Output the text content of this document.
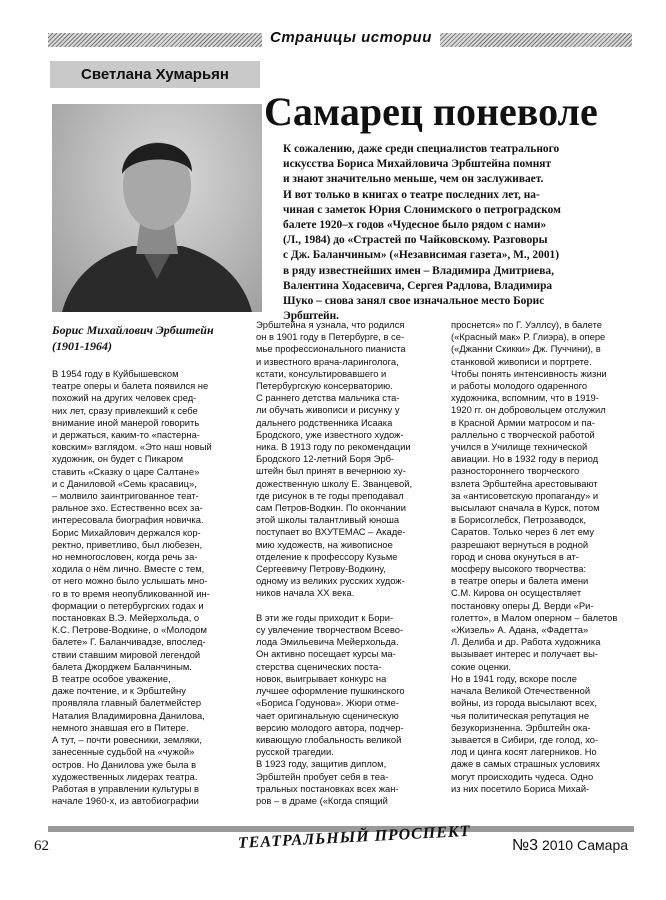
Страницы истории
Светлана Хумарьян
Самарец поневоле
Борис Михайлович Эрбштейн
(1901-1964)
К сожалению, даже среди специалистов театрального
искусства Бориса Михайловича Эрбштейна помнят
и знают значительно меньше, чем он заслуживает.
И вот только в книгах о театре последних лет, на-
чиная с заметок Юрия Слонимского о петроградском
балете 1920–х годов «Чудесное было рядом с нами»
(Л., 1984) до «Страстей по Чайковскому. Разговоры
с Дж. Баланчиным» («Независимая газета», М., 2001)
в ряду известнейших имен – Владимира Дмитриева,
Валентина Ходасевича, Сергея Радлова, Владимира
Шуко – снова занял свое изначальное место Борис
Эрбштейн.
В 1954 году в Куйбышевском
театре оперы и балета появился не
похожий на других человек сред-
них лет, сразу привлекший к себе
внимание иной манерой говорить
и держаться, каким-то «пастерна-
ковским» взглядом. «Это наш новый
художник, он будет с Пикаром
ставить «Сказку о царе Салтане»
и с Даниловой «Семь красавиц»,
– молвило заинтригованное теат-
ральное эхо. Естественно всех за-
интересовала биография новичка.
Борис Михайлович держался кор-
ректно, приветливо, был любезен,
но немногословен, когда речь за-
ходила о нём лично. Вместе с тем,
от него можно было услышать мно-
го в то время неопубликованной ин-
формации о петербургских годах и
постановках В.Э. Мейерхольда, о
К.С. Петрове-Водкине, о «Молодом
балете» Г. Баланчивадзе, впослед-
ствии ставшим мировой легендой
балета Джорджем Баланчиным.
В театре особое уважение,
даже почтение, и к Эрбштейну
проявляла главный балетмейстер
Наталия Владимировна Данилова,
немного знавшая его в Питере.
А тут, – почти ровесники, земляки,
занесенные судьбой на «чужой»
остров. Но Данилова уже была в
художественных лидерах театра.
Работая в управлении культуры в
начале 1960-х, из автобиографии
Эрбштейна я узнала, что родился
он в 1901 году в Петербурге, в се-
мье профессионального пианиста
и известного врача-ларинголога,
кстати, консультировавшего и
Петербургскую консерваторию.
С раннего детства мальчика ста-
ли обучать живописи и рисунку у
дальнего родственника Исаака
Бродского, уже известного худож-
ника. В 1913 году по рекомендации
Бродского 12-летний Боря Эрб-
штейн был принят в вечернюю ху-
дожественную школу Е. Званцевой,
где рисунок в те годы преподавал
сам Петров-Водкин. По окончании
этой школы талантливый юноша
поступает во ВХУТЕМАС – Акаде-
мию художеств, на живописное
отделение к профессору Кузьме
Сергеевичу Петрову-Водкину,
одному из великих русских худож-
ников начала XX века.

В эти же годы приходит к Бори-
су увлечение творчеством Всево-
лода Эмильевича Мейерхольда.
Он активно посещает курсы ма-
стерства сценических поста-
новок, выигрывает конкурс на
лучшее оформление пушкинского
«Бориса Годунова». Жюри отме-
чает оригинальную сценическую
версию молодого автора, подчер-
кивающую глобальность великой
русской трагедии.
В 1923 году, защитив диплом,
Эрбштейн пробует себя в теа-
тральных постановках всех жан-
ров – в драме («Когда спящий
проснется» по Г. Уэллсу), в балете
(«Красный мак» Р. Глиэра), в опере
(«Джанни Скикки» Дж. Пуччини), в
станковой живописи и портрете.
Чтобы понять интенсивность жизни
и работы молодого одаренного
художника, вспомним, что в 1919-
1920 гг. он добровольцем отслужил
в Красной Армии матросом и па-
раллельно с творческой работой
учился в Училище технической
авиации. Но в 1932 году в период
разностороннего творческого
взлета Эрбштейна арестовывают
за «антисоветскую пропаганду» и
высылают сначала в Курск, потом
в Борисоглебск, Петрозаводск,
Саратов. Только через 6 лет ему
разрешают вернуться в родной
город и снова окунуться в ат-
мосферу высокого творчества:
в театре оперы и балета имени
С.М. Кирова он осуществляет
постановку оперы Д. Верди «Ри-
голетто», в Малом оперном – балетов
«Жизель» А. Адана, «Фадетта»
Л. Делиба и др. Работа художника
вызывает интерес и получает вы-
сокие оценки.
Но в 1941 году, вскоре после
начала Великой Отечественной
войны, из города высылают всех,
чья политическая репутация не
безукоризненна. Эрбштейн ока-
зывается в Сибири, где голод, хо-
лод и цинга косят лагерников. Но
даже в самых страшных условиях
могут происходить чудеса. Одно
из них посетило Бориса Михай-
62	ТЕАТРАЛЬНЫЙ ПРОСПЕКТ	№3 2010 Самара
